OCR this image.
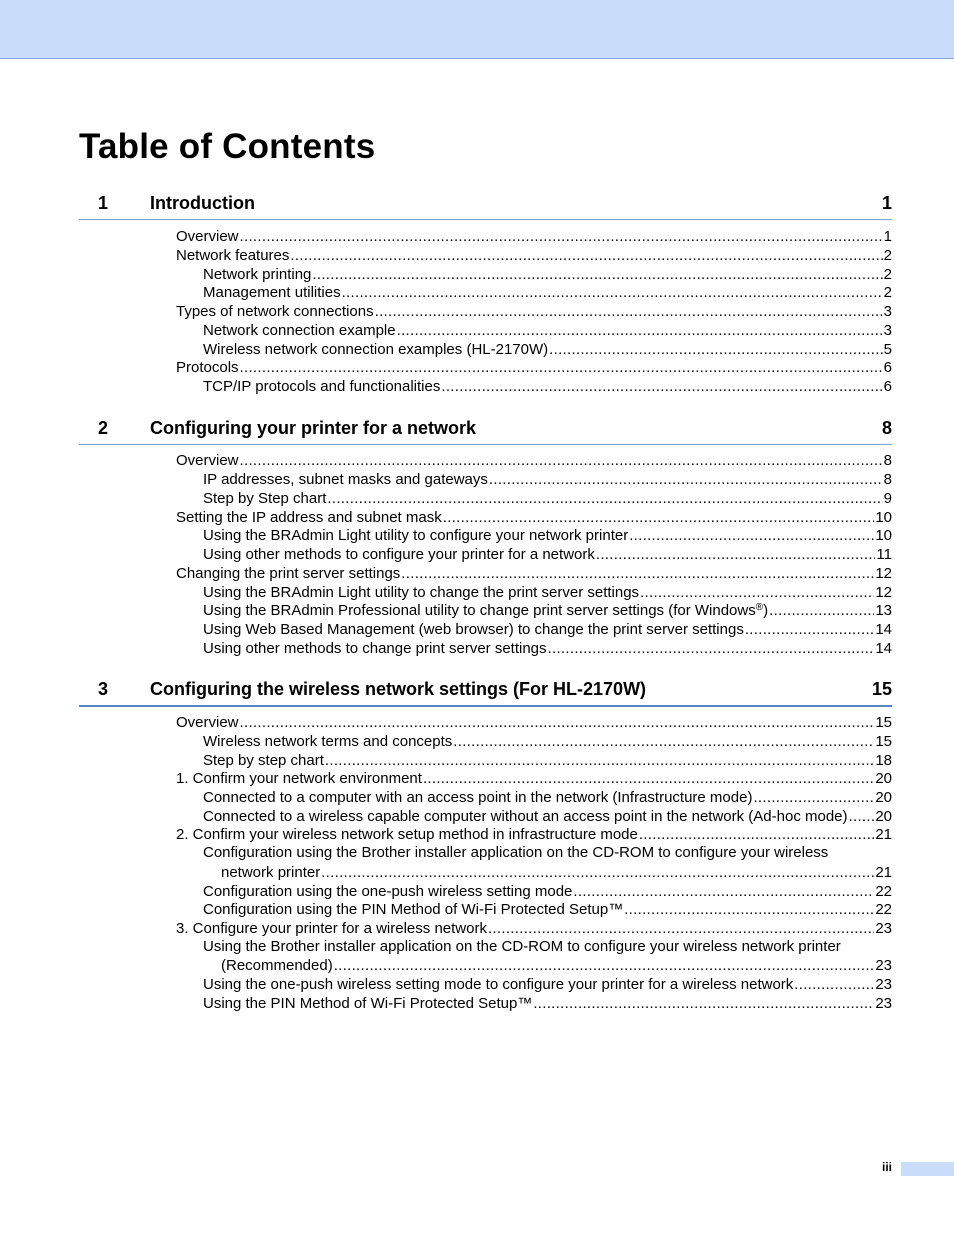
Table of Contents
1 Introduction	1
Overview .....	1
Network features .....	2
Network printing .....	2
Management utilities .....	2
Types of network connections .....	3
Network connection example .....	3
Wireless network connection examples (HL-2170W) .....	5
Protocols .....	6
TCP/IP protocols and functionalities .....	6
2 Configuring your printer for a network	8
Overview .....	8
IP addresses, subnet masks and gateways .....	8
Step by Step chart .....	9
Setting the IP address and subnet mask .....	10
Using the BRAdmin Light utility to configure your network printer .....	10
Using other methods to configure your printer for a network .....	11
Changing the print server settings .....	12
Using the BRAdmin Light utility to change the print server settings .....	12
Using the BRAdmin Professional utility to change print server settings (for Windows®) .....	13
Using Web Based Management (web browser) to change the print server settings .....	14
Using other methods to change print server settings .....	14
3 Configuring the wireless network settings (For HL-2170W)	15
Overview .....	15
Wireless network terms and concepts .....	15
Step by step chart .....	18
1. Confirm your network environment .....	20
Connected to a computer with an access point in the network (Infrastructure mode) .....	20
Connected to a wireless capable computer without an access point in the network (Ad-hoc mode) ..... 20
2. Confirm your wireless network setup method in infrastructure mode .....	21
Configuration using the Brother installer application on the CD-ROM to configure your wireless
network printer .....	21
Configuration using the one-push wireless setting mode .....	22
Configuration using the PIN Method of Wi-Fi Protected Setup™ .....	22
3. Configure your printer for a wireless network .....	23
Using the Brother installer application on the CD-ROM to configure your wireless network printer
(Recommended) .....	23
Using the one-push wireless setting mode to configure your printer for a wireless network .....	23
Using the PIN Method of Wi-Fi Protected Setup™ .....	23
iii
